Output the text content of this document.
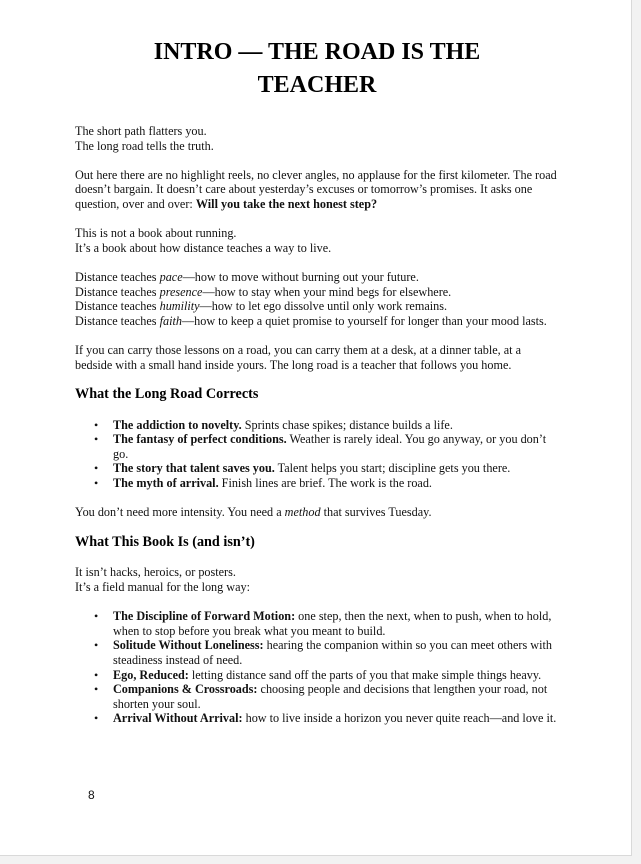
INTRO — THE ROAD IS THE
TEACHER

The short path flatters you.
The long road tells the truth.

Out here there are no highlight reels, no clever angles, no applause for the first kilometer. The road doesn’t bargain. It doesn’t care about yesterday’s excuses or tomorrow’s promises. It asks one question, over and over: Will you take the next honest step?

This is not a book about running.
It’s a book about how distance teaches a way to live.

Distance teaches pace—how to move without burning out your future.
Distance teaches presence—how to stay when your mind begs for elsewhere.
Distance teaches humility—how to let ego dissolve until only work remains.
Distance teaches faith—how to keep a quiet promise to yourself for longer than your mood lasts.

If you can carry those lessons on a road, you can carry them at a desk, at a dinner table, at a bedside with a small hand inside yours. The long road is a teacher that follows you home.

What the Long Road Corrects
• The addiction to novelty. Sprints chase spikes; distance builds a life.
• The fantasy of perfect conditions. Weather is rarely ideal. You go anyway, or you don’t go.
• The story that talent saves you. Talent helps you start; discipline gets you there.
• The myth of arrival. Finish lines are brief. The work is the road.

You don’t need more intensity. You need a method that survives Tuesday.

What This Book Is (and isn’t)

It isn’t hacks, heroics, or posters.
It’s a field manual for the long way:

• The Discipline of Forward Motion: one step, then the next, when to push, when to hold, when to stop before you break what you meant to build.
• Solitude Without Loneliness: hearing the companion within so you can meet others with steadiness instead of need.
• Ego, Reduced: letting distance sand off the parts of you that make simple things heavy.
• Companions & Crossroads: choosing people and decisions that lengthen your road, not shorten your soul.
• Arrival Without Arrival: how to live inside a horizon you never quite reach—and love it.
8
